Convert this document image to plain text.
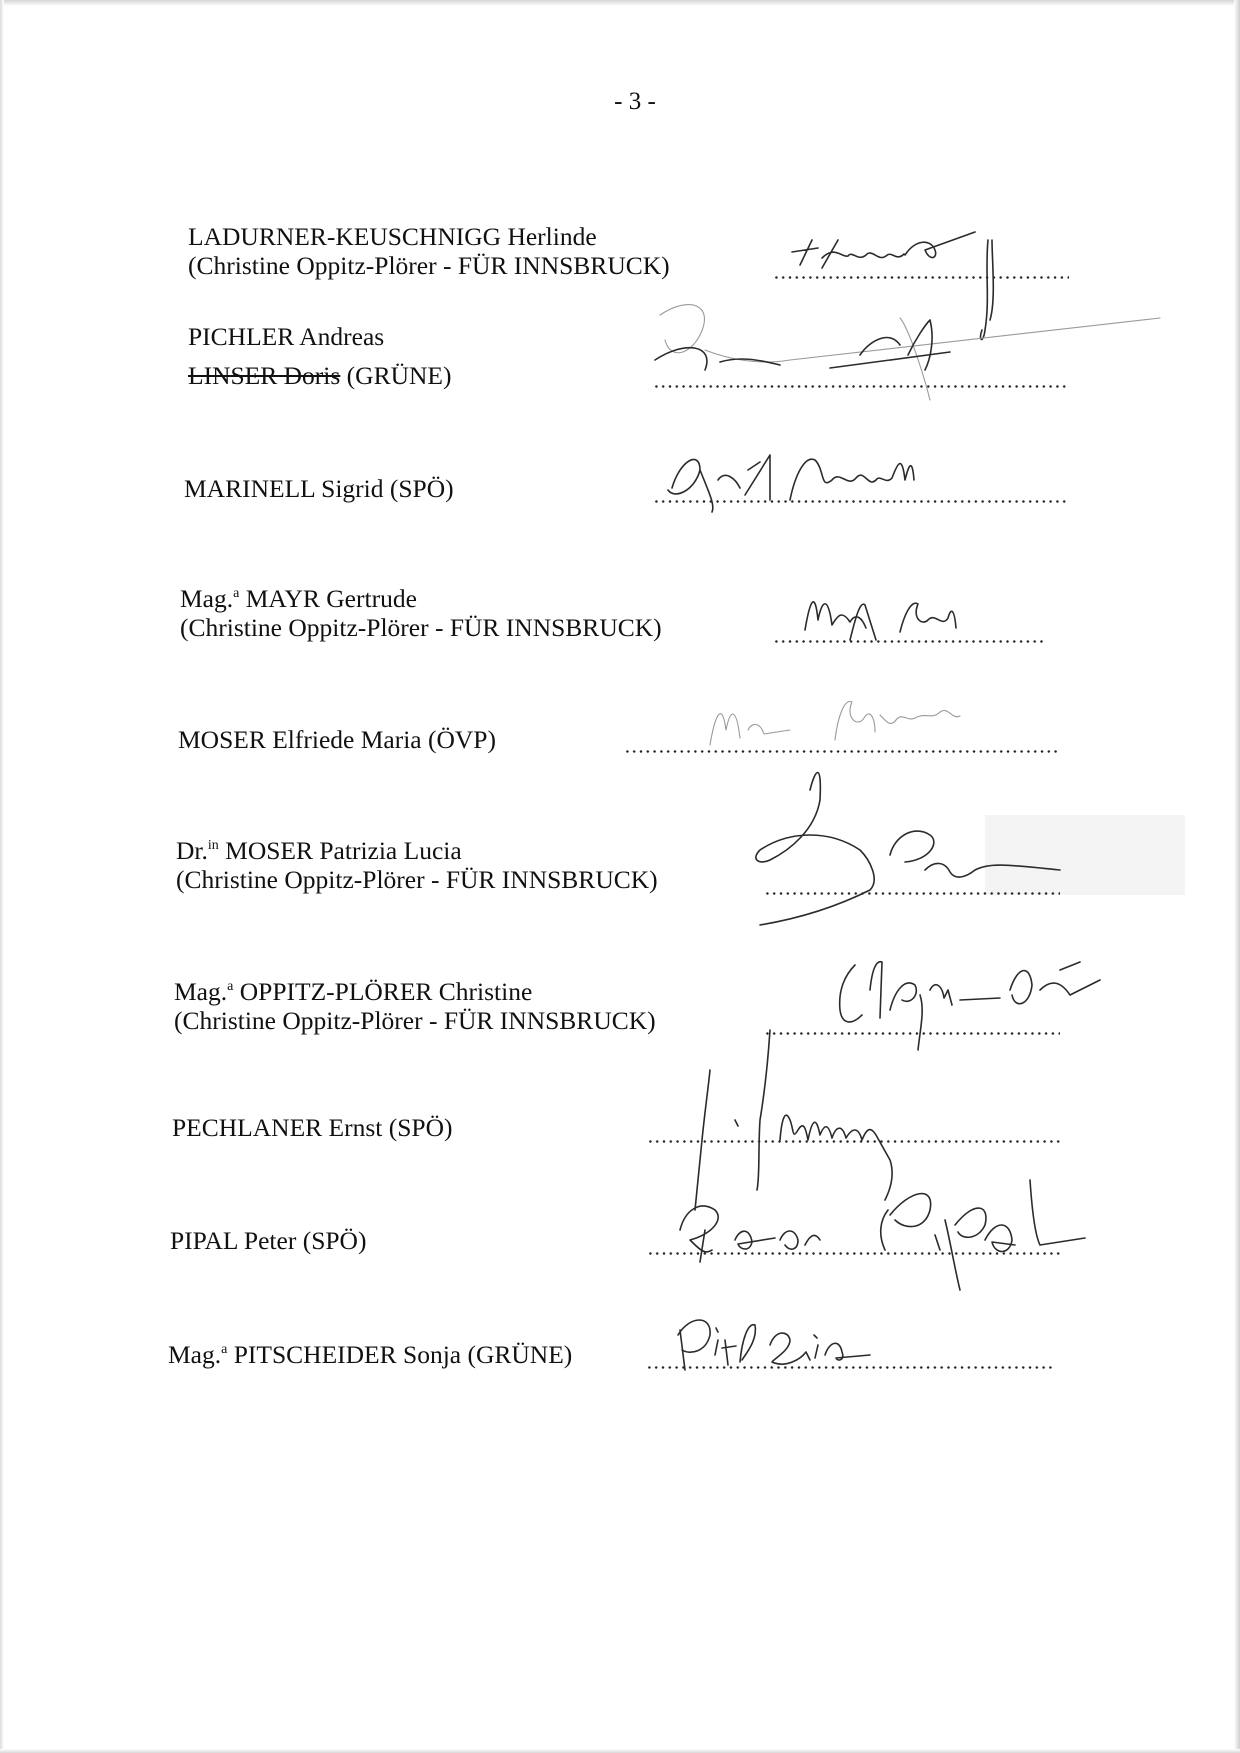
- 3 -
LADURNER-KEUSCHNIGG Herlinde
(Christine Oppitz-Plörer - FÜR INNSBRUCK)
PICHLER Andreas
LINSER Doris (GRÜNE)
MARINELL Sigrid (SPÖ)
Mag.$^a$ MAYR Gertrude
(Christine Oppitz-Plörer - FÜR INNSBRUCK)
MOSER Elfriede Maria (ÖVP)
Dr.$^{in}$ MOSER Patrizia Lucia
(Christine Oppitz-Plörer - FÜR INNSBRUCK)
Mag.$^a$ OPPITZ-PLÖRER Christine
(Christine Oppitz-Plörer - FÜR INNSBRUCK)
PECHLANER Ernst (SPÖ)
PIPAL Peter (SPÖ)
Mag.$^a$ PITSCHEIDER Sonja (GRÜNE)
